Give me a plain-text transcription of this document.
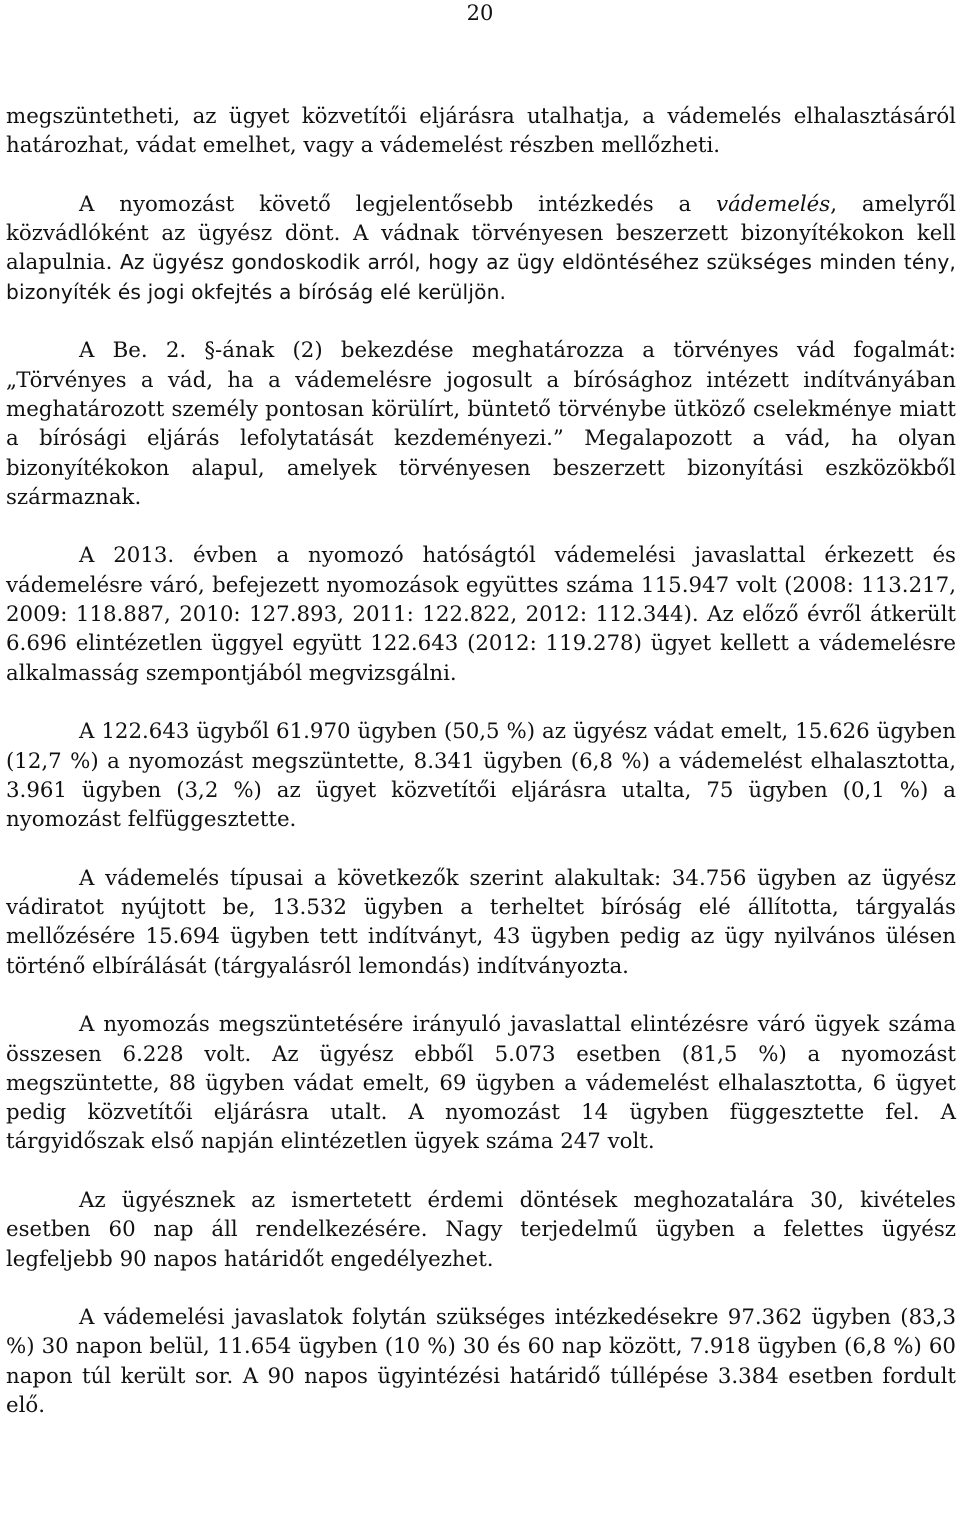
20

megszüntetheti, az ügyet közvetítői eljárásra utalhatja, a vádemelés elhalasztásáról határozhat, vádat emelhet, vagy a vádemelést részben mellőzheti.

A nyomozást követő legjelentősebb intézkedés a vádemelés, amelyről közvádlóként az ügyész dönt. A vádnak törvényesen beszerzett bizonyítékokon kell alapulnia. Az ügyész gondoskodik arról, hogy az ügy eldöntéséhez szükséges minden tény, bizonyíték és jogi okfejtés a bíróság elé kerüljön.

A Be. 2. §-ának (2) bekezdése meghatározza a törvényes vád fogalmát: „Törvényes a vád, ha a vádemelésre jogosult a bírósághoz intézett indítványában meghatározott személy pontosan körülírt, büntető törvénybe ütköző cselekménye miatt a bírósági eljárás lefolytatását kezdeményezi.” Megalapozott a vád, ha olyan bizonyítékokon alapul, amelyek törvényesen beszerzett bizonyítási eszközökből származnak.

A 2013. évben a nyomozó hatóságtól vádemelési javaslattal érkezett és vádemelésre váró, befejezett nyomozások együttes száma 115.947 volt (2008: 113.217, 2009: 118.887, 2010: 127.893, 2011: 122.822, 2012: 112.344). Az előző évről átkerült 6.696 elintézetlen üggyel együtt 122.643 (2012: 119.278) ügyet kellett a vádemelésre alkalmasság szempontjából megvizsgálni.

A 122.643 ügyből 61.970 ügyben (50,5 %) az ügyész vádat emelt, 15.626 ügyben (12,7 %) a nyomozást megszüntette, 8.341 ügyben (6,8 %) a vádemelést elhalasztotta, 3.961 ügyben (3,2 %) az ügyet közvetítői eljárásra utalta, 75 ügyben (0,1 %) a nyomozást felfüggesztette.

A vádemelés típusai a következők szerint alakultak: 34.756 ügyben az ügyész vádiratot nyújtott be, 13.532 ügyben a terheltet bíróság elé állította, tárgyalás mellőzésére 15.694 ügyben tett indítványt, 43 ügyben pedig az ügy nyilvános ülésen történő elbírálását (tárgyalásról lemondás) indítványozta.

A nyomozás megszüntetésére irányuló javaslattal elintézésre váró ügyek száma összesen 6.228 volt. Az ügyész ebből 5.073 esetben (81,5 %) a nyomozást megszüntette, 88 ügyben vádat emelt, 69 ügyben a vádemelést elhalasztotta, 6 ügyet pedig közvetítői eljárásra utalt. A nyomozást 14 ügyben függesztette fel. A tárgyidőszak első napján elintézetlen ügyek száma 247 volt.

Az ügyésznek az ismertetett érdemi döntések meghozatalára 30, kivételes esetben 60 nap áll rendelkezésére. Nagy terjedelmű ügyben a felettes ügyész legfeljebb 90 napos határidőt engedélyezhet.

A vádemelési javaslatok folytán szükséges intézkedésekre 97.362 ügyben (83,3 %) 30 napon belül, 11.654 ügyben (10 %) 30 és 60 nap között, 7.918 ügyben (6,8 %) 60 napon túl került sor. A 90 napos ügyintézési határidő túllépése 3.384 esetben fordult elő.
